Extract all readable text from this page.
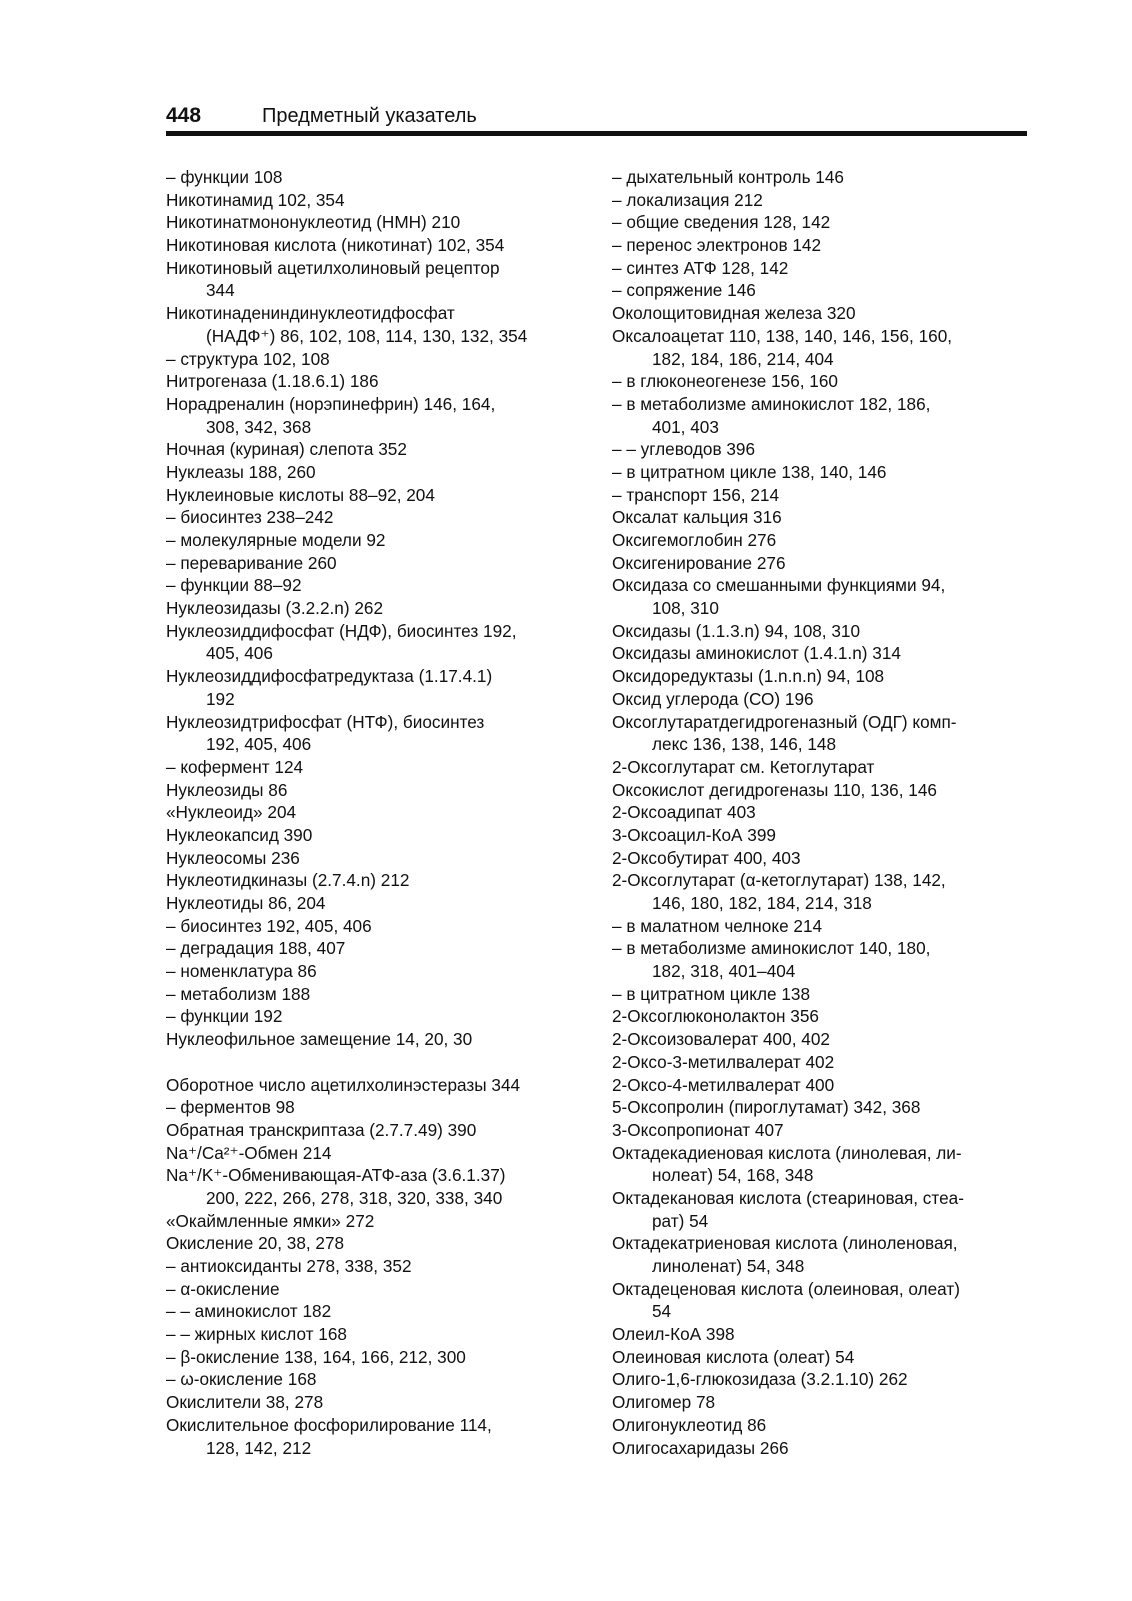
448	Предметный указатель
– функции 108
Никотинамид 102, 354
Никотинатмононуклеотид (НМН) 210
Никотиновая кислота (никотинат) 102, 354
Никотиновый ацетилхолиновый рецептор
344
Никотинадениндинуклеотидфосфат
(НАДФ⁺) 86, 102, 108, 114, 130, 132, 354
– структура 102, 108
Нитрогеназа (1.18.6.1) 186
Норадреналин (норэпинефрин) 146, 164,
308, 342, 368
Ночная (куриная) слепота 352
Нуклеазы 188, 260
Нуклеиновые кислоты 88–92, 204
– биосинтез 238–242
– молекулярные модели 92
– переваривание 260
– функции 88–92
Нуклеозидазы (3.2.2.n) 262
Нуклеозиддифосфат (НДФ), биосинтез 192,
405, 406
Нуклеозиддифосфатредуктаза (1.17.4.1)
192
Нуклеозидтрифосфат (НТФ), биосинтез
192, 405, 406
– кофермент 124
Нуклеозиды 86
«Нуклеоид» 204
Нуклеокапсид 390
Нуклеосомы 236
Нуклеотидкиназы (2.7.4.n) 212
Нуклеотиды 86, 204
– биосинтез 192, 405, 406
– деградация 188, 407
– номенклатура 86
– метаболизм 188
– функции 192
Нуклеофильное замещение 14, 20, 30
Оборотное число ацетилхолинэстеразы 344
– ферментов 98
Обратная транскриптаза (2.7.7.49) 390
Na⁺/Ca²⁺-Обмен 214
Na⁺/K⁺-Обменивающая-АТФ-аза (3.6.1.37)
200, 222, 266, 278, 318, 320, 338, 340
«Окаймленные ямки» 272
Окисление 20, 38, 278
– антиоксиданты 278, 338, 352
– α-окисление
– – аминокислот 182
– – жирных кислот 168
– β-окисление 138, 164, 166, 212, 300
– ω-окисление 168
Окислители 38, 278
Окислительное фосфорилирование 114,
128, 142, 212
– дыхательный контроль 146
– локализация 212
– общие сведения 128, 142
– перенос электронов 142
– синтез АТФ 128, 142
– сопряжение 146
Околощитовидная железа 320
Оксалоацетат 110, 138, 140, 146, 156, 160,
182, 184, 186, 214, 404
– в глюконеогенезе 156, 160
– в метаболизме аминокислот 182, 186,
401, 403
– – углеводов 396
– в цитратном цикле 138, 140, 146
– транспорт 156, 214
Оксалат кальция 316
Оксигемоглобин 276
Оксигенирование 276
Оксидаза со смешанными функциями 94,
108, 310
Оксидазы (1.1.3.n) 94, 108, 310
Оксидазы аминокислот (1.4.1.n) 314
Оксидоредуктазы (1.n.n.n) 94, 108
Оксид углерода (СО) 196
Оксоглутаратдегидрогеназный (ОДГ) комп-
лекс 136, 138, 146, 148
2-Оксоглутарат см. Кетоглутарат
Оксокислот дегидрогеназы 110, 136, 146
2-Оксоадипат 403
3-Оксоацил-КоА 399
2-Оксобутират 400, 403
2-Оксоглутарат (α-кетоглутарат) 138, 142,
146, 180, 182, 184, 214, 318
– в малатном челноке 214
– в метаболизме аминокислот 140, 180,
182, 318, 401–404
– в цитратном цикле 138
2-Оксоглюконолактон 356
2-Оксоизовалерат 400, 402
2-Оксо-3-метилвалерат 402
2-Оксо-4-метилвалерат 400
5-Оксопролин (пироглутамат) 342, 368
3-Оксопропионат 407
Октадекадиеновая кислота (линолевая, ли-
нолеат) 54, 168, 348
Октадекановая кислота (стеариновая, стеа-
рат) 54
Октадекатриеновая кислота (линоленовая,
линоленат) 54, 348
Октадеценовая кислота (олеиновая, олеат)
54
Олеил-КоА 398
Олеиновая кислота (олеат) 54
Олиго-1,6-глюкозидаза (3.2.1.10) 262
Олигомер 78
Олигонуклеотид 86
Олигосахаридазы 266
